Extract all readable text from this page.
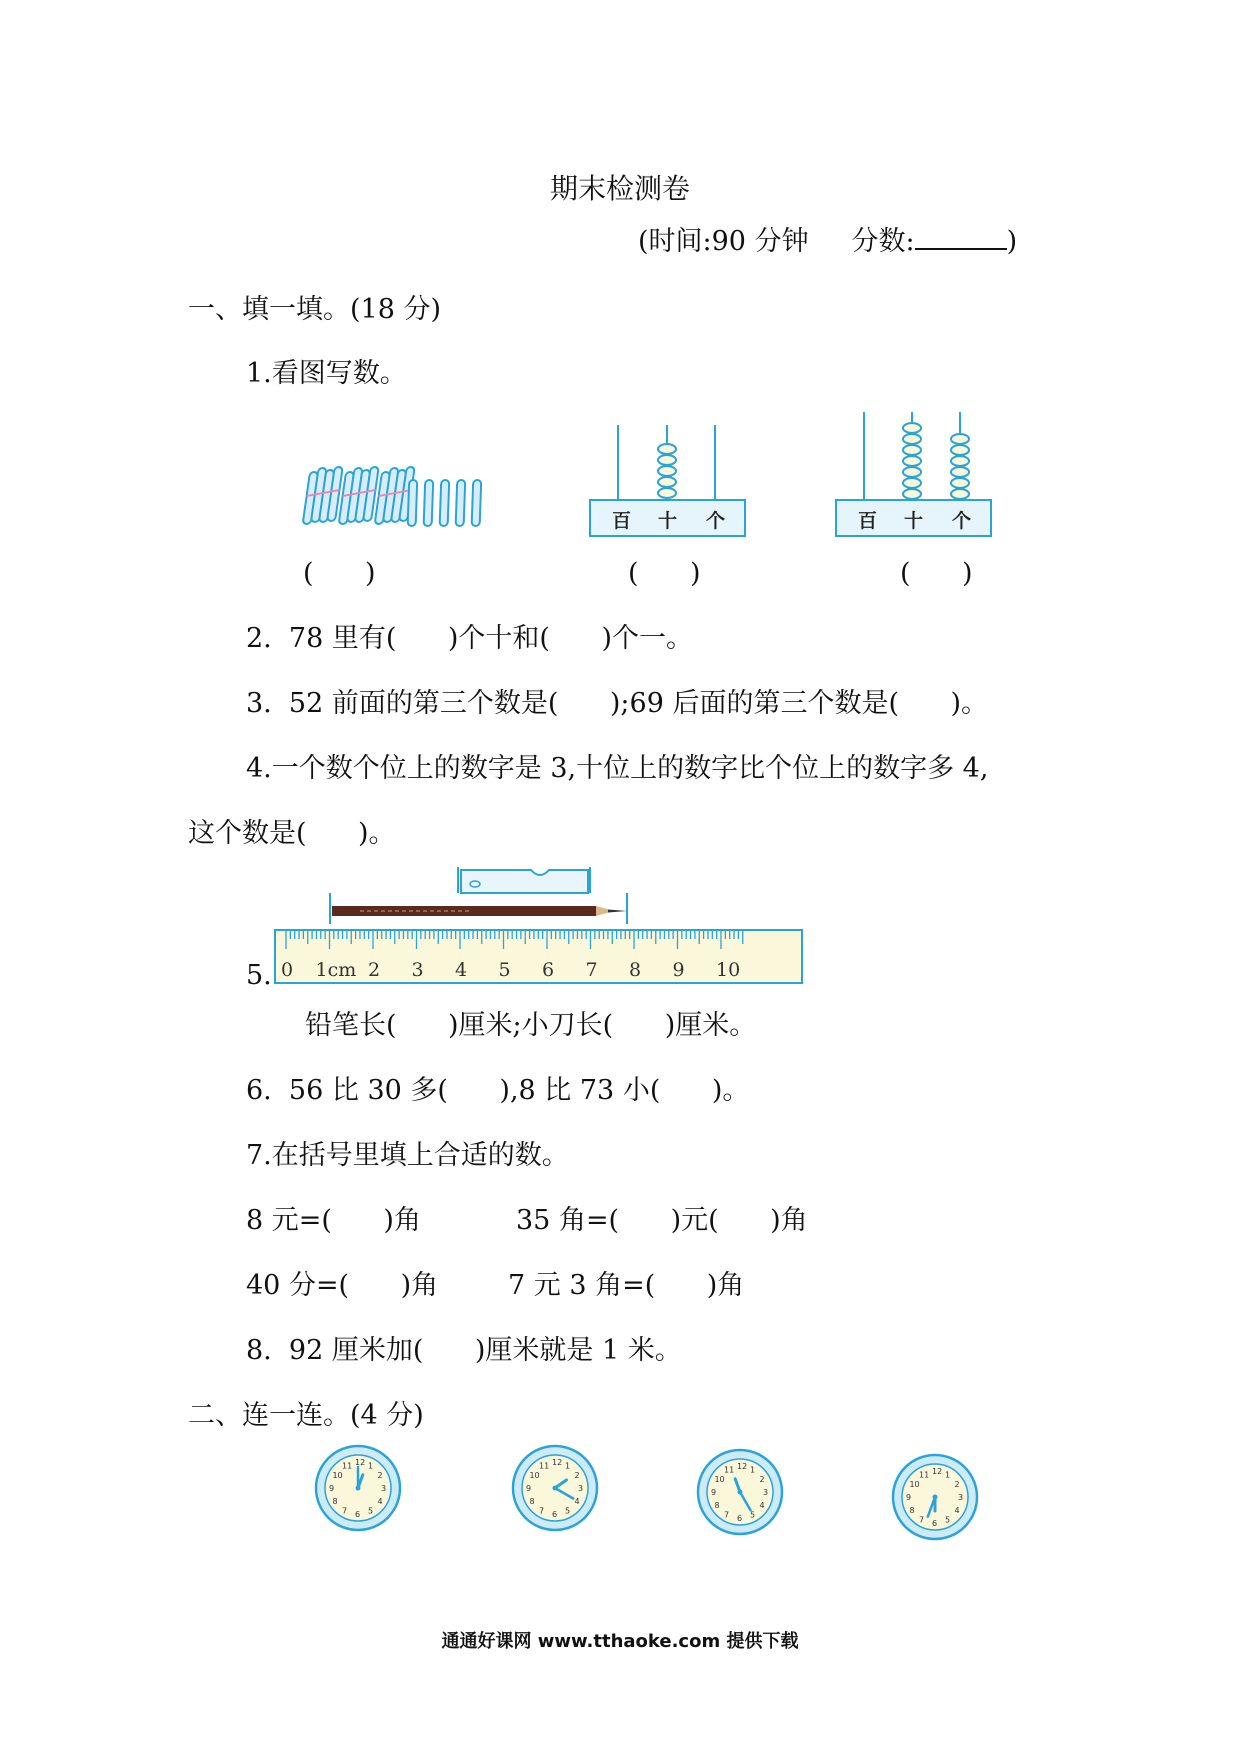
期末检测卷
(时间:90 分钟 分数:	)
一、填一填。(18 分)
1.看图写数。
百 十 个	百 十 个
(      )	(      )	(      )
2.  78 里有(      )个十和(      )个一。
3.  52 前面的第三个数是(      );69 后面的第三个数是(      )。
4.一个数个位上的数字是 3,十位上的数字比个位上的数字多 4,
这个数是(      )。
0 1cm 2 3 4 5 6 7 8 9 10
5.
铅笔长(      )厘米;小刀长(      )厘米。
6.  56 比 30 多(      ),8 比 73 小(      )。
7.在括号里填上合适的数。
8 元=(      )角	35 角=(      )元(      )角
40 分=(      )角	7 元 3 角=(      )角
8.  92 厘米加(      )厘米就是 1 米。
二、连一连。(4 分)
1
2
3
4
5
6
7
8
9
10
11 12	1
2
3
4
5
6
7
8
9
10
11 12
1
2
3
4
5
6
7
8
9
10
11 12
1
2
3
4
5
6
7
8
9
10
11 12
通通好课网 www.tthaoke.com 提供下载
